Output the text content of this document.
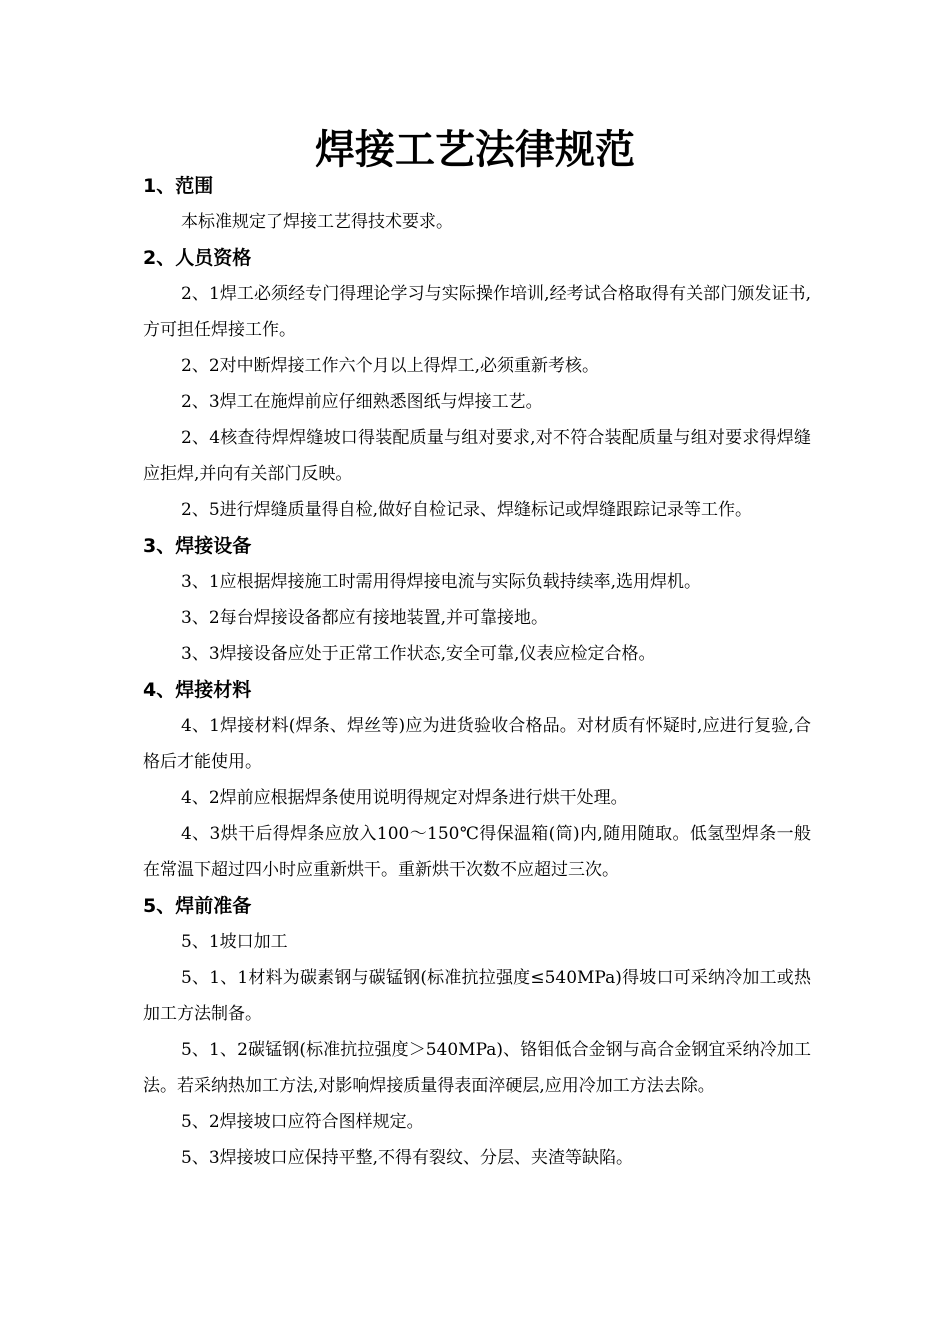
焊接工艺法律规范
1、范围

本标准规定了焊接工艺得技术要求。

2、人员资格

2、1焊工必须经专门得理论学习与实际操作培训,经考试合格取得有关部门颁发证书,方可担任焊接工作。

2、2对中断焊接工作六个月以上得焊工,必须重新考核。

2、3焊工在施焊前应仔细熟悉图纸与焊接工艺。

2、4核查待焊焊缝坡口得装配质量与组对要求,对不符合装配质量与组对要求得焊缝应拒焊,并向有关部门反映。

2、5进行焊缝质量得自检,做好自检记录、焊缝标记或焊缝跟踪记录等工作。

3、焊接设备

3、1应根据焊接施工时需用得焊接电流与实际负载持续率,选用焊机。

3、2每台焊接设备都应有接地装置,并可靠接地。

3、3焊接设备应处于正常工作状态,安全可靠,仪表应检定合格。

4、焊接材料

4、1焊接材料(焊条、焊丝等)应为进货验收合格品。对材质有怀疑时,应进行复验,合格后才能使用。

4、2焊前应根据焊条使用说明得规定对焊条进行烘干处理。

4、3烘干后得焊条应放入100～150℃得保温箱(筒)内,随用随取。低氢型焊条一般在常温下超过四小时应重新烘干。重新烘干次数不应超过三次。

5、焊前准备

5、1坡口加工

5、1、1材料为碳素钢与碳锰钢(标准抗拉强度≤540MPa)得坡口可采纳冷加工或热加工方法制备。

5、1、2碳锰钢(标准抗拉强度＞540MPa)、铬钼低合金钢与高合金钢宜采纳冷加工法。若采纳热加工方法,对影响焊接质量得表面淬硬层,应用冷加工方法去除。

5、2焊接坡口应符合图样规定。

5、3焊接坡口应保持平整,不得有裂纹、分层、夹渣等缺陷。
